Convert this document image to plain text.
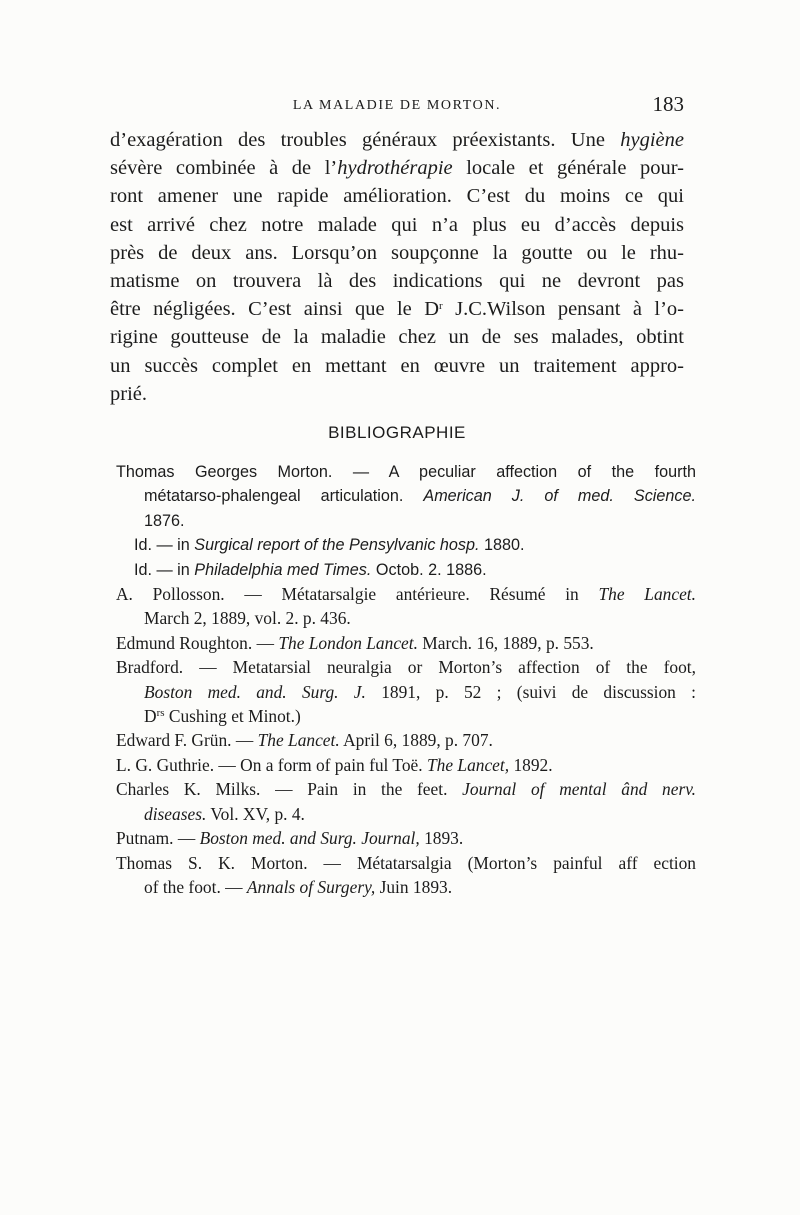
LA MALADIE DE MORTON.	183
d’exagération des troubles généraux préexistants. Une hygiène
sévère combinée à de l’hydrothérapie locale et générale pour-
ront amener une rapide amélioration. C’est du moins ce qui
est arrivé chez notre malade qui n’a plus eu d’accès depuis
près de deux ans. Lorsqu’on soupçonne la goutte ou le rhu-
matisme on trouvera là des indications qui ne devront pas
être négligées. C’est ainsi que le $D^r$ J.C.Wilson pensant à l’o-
rigine goutteuse de la maladie chez un de ses malades, obtint
un succès complet en mettant en œuvre un traitement appro-
prié.
BIBLIOGRAPHIE
Thomas Georges Morton. — A peculiar affection of the fourth
métatarso-phalengeal articulation. American J. of med. Science.
1876.
Id. — in Surgical report of the Pensylvanic hosp. 1880.
Id. — in Philadelphia med Times. Octob. 2. 1886.
A. Pollosson. — Métatarsalgie antérieure. Résumé in The Lancet.
March 2, 1889, vol. 2. p. 436.
Edmund Roughton. — The London Lancet. March. 16, 1889, p. 553.
Bradford. — Metatarsial neuralgia or Morton’s affection of the foot,
Boston med. and. Surg. J. 1891, p. 52 ; (suivi de discussion :
$D^{rs}$ Cushing et Minot.)
Edward F. Grün. — The Lancet. April 6, 1889, p. 707.
L. G. Guthrie. — On a form of pain ful Toë. The Lancet, 1892.
Charles K. Milks. — Pain in the feet. Journal of mental ând nerv.
diseases. Vol. XV, p. 4.
Putnam. — Boston med. and Surg. Journal, 1893.
Thomas S. K. Morton. — Métatarsalgia (Morton’s painful aff ection
of the foot. — Annals of Surgery, Juin 1893.
